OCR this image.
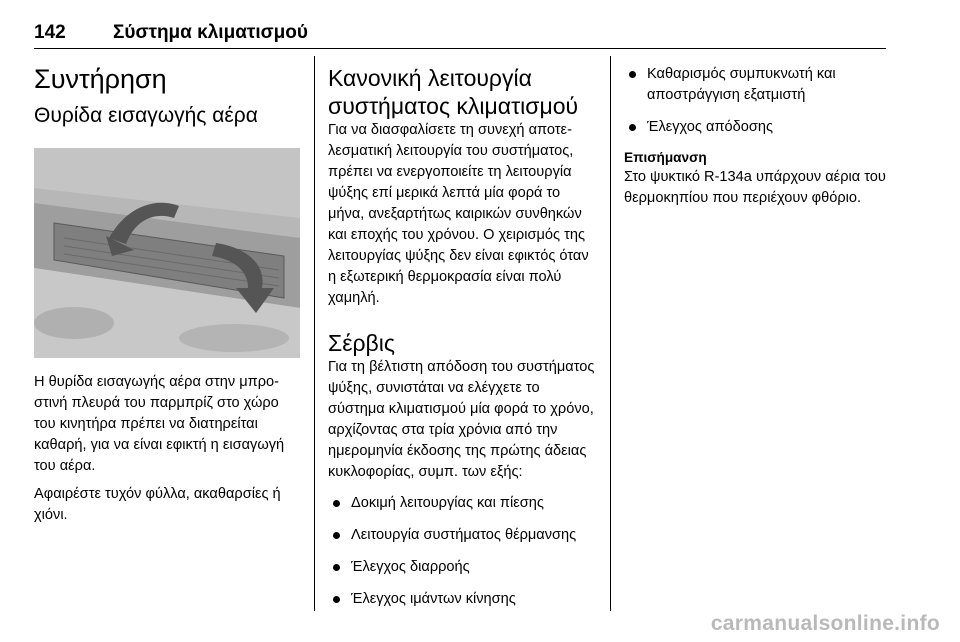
142 Σύστημα κλιματισμού
Συντήρηση
Θυρίδα εισαγωγής αέρα

Η θυρίδα εισαγωγής αέρα στην μπροστινή πλευρά του παρμπρίζ στο χώρο του κινητήρα πρέπει να διατηρείται καθαρή, για να είναι εφικτή η εισαγωγή του αέρα.

Αφαιρέστε τυχόν φύλλα, ακαθαρσίες ή χιόνι.

Κανονική λειτουργία συστήματος κλιματισμού

Για να διασφαλίσετε τη συνεχή αποτελεσματική λειτουργία του συστήματος, πρέπει να ενεργοποιείτε τη λειτουργία ψύξης επί μερικά λεπτά μία φορά το μήνα, ανεξαρτήτως καιρικών συνθηκών και εποχής του χρόνου. Ο χειρισμός της λειτουργίας ψύξης δεν είναι εφικτός όταν η εξωτερική θερμοκρασία είναι πολύ χαμηλή.

Σέρβις

Για τη βέλτιστη απόδοση του συστήματος ψύξης, συνιστάται να ελέγχετε το σύστημα κλιματισμού μία φορά το χρόνο, αρχίζοντας στα τρία χρόνια από την ημερομηνία έκδοσης της πρώτης άδειας κυκλοφορίας, συμπ. των εξής:

Δοκιμή λειτουργίας και πίεσης
Λειτουργία συστήματος θέρμανσης
Έλεγχος διαρροής
Έλεγχος ιμάντων κίνησης
Καθαρισμός συμπυκνωτή και αποστράγγιση εξατμιστή
Έλεγχος απόδοσης
Επισήμανση

Στο ψυκτικό R-134a υπάρχουν αέρια του θερμοκηπίου που περιέχουν φθόριο.

carmanualsonline.info
